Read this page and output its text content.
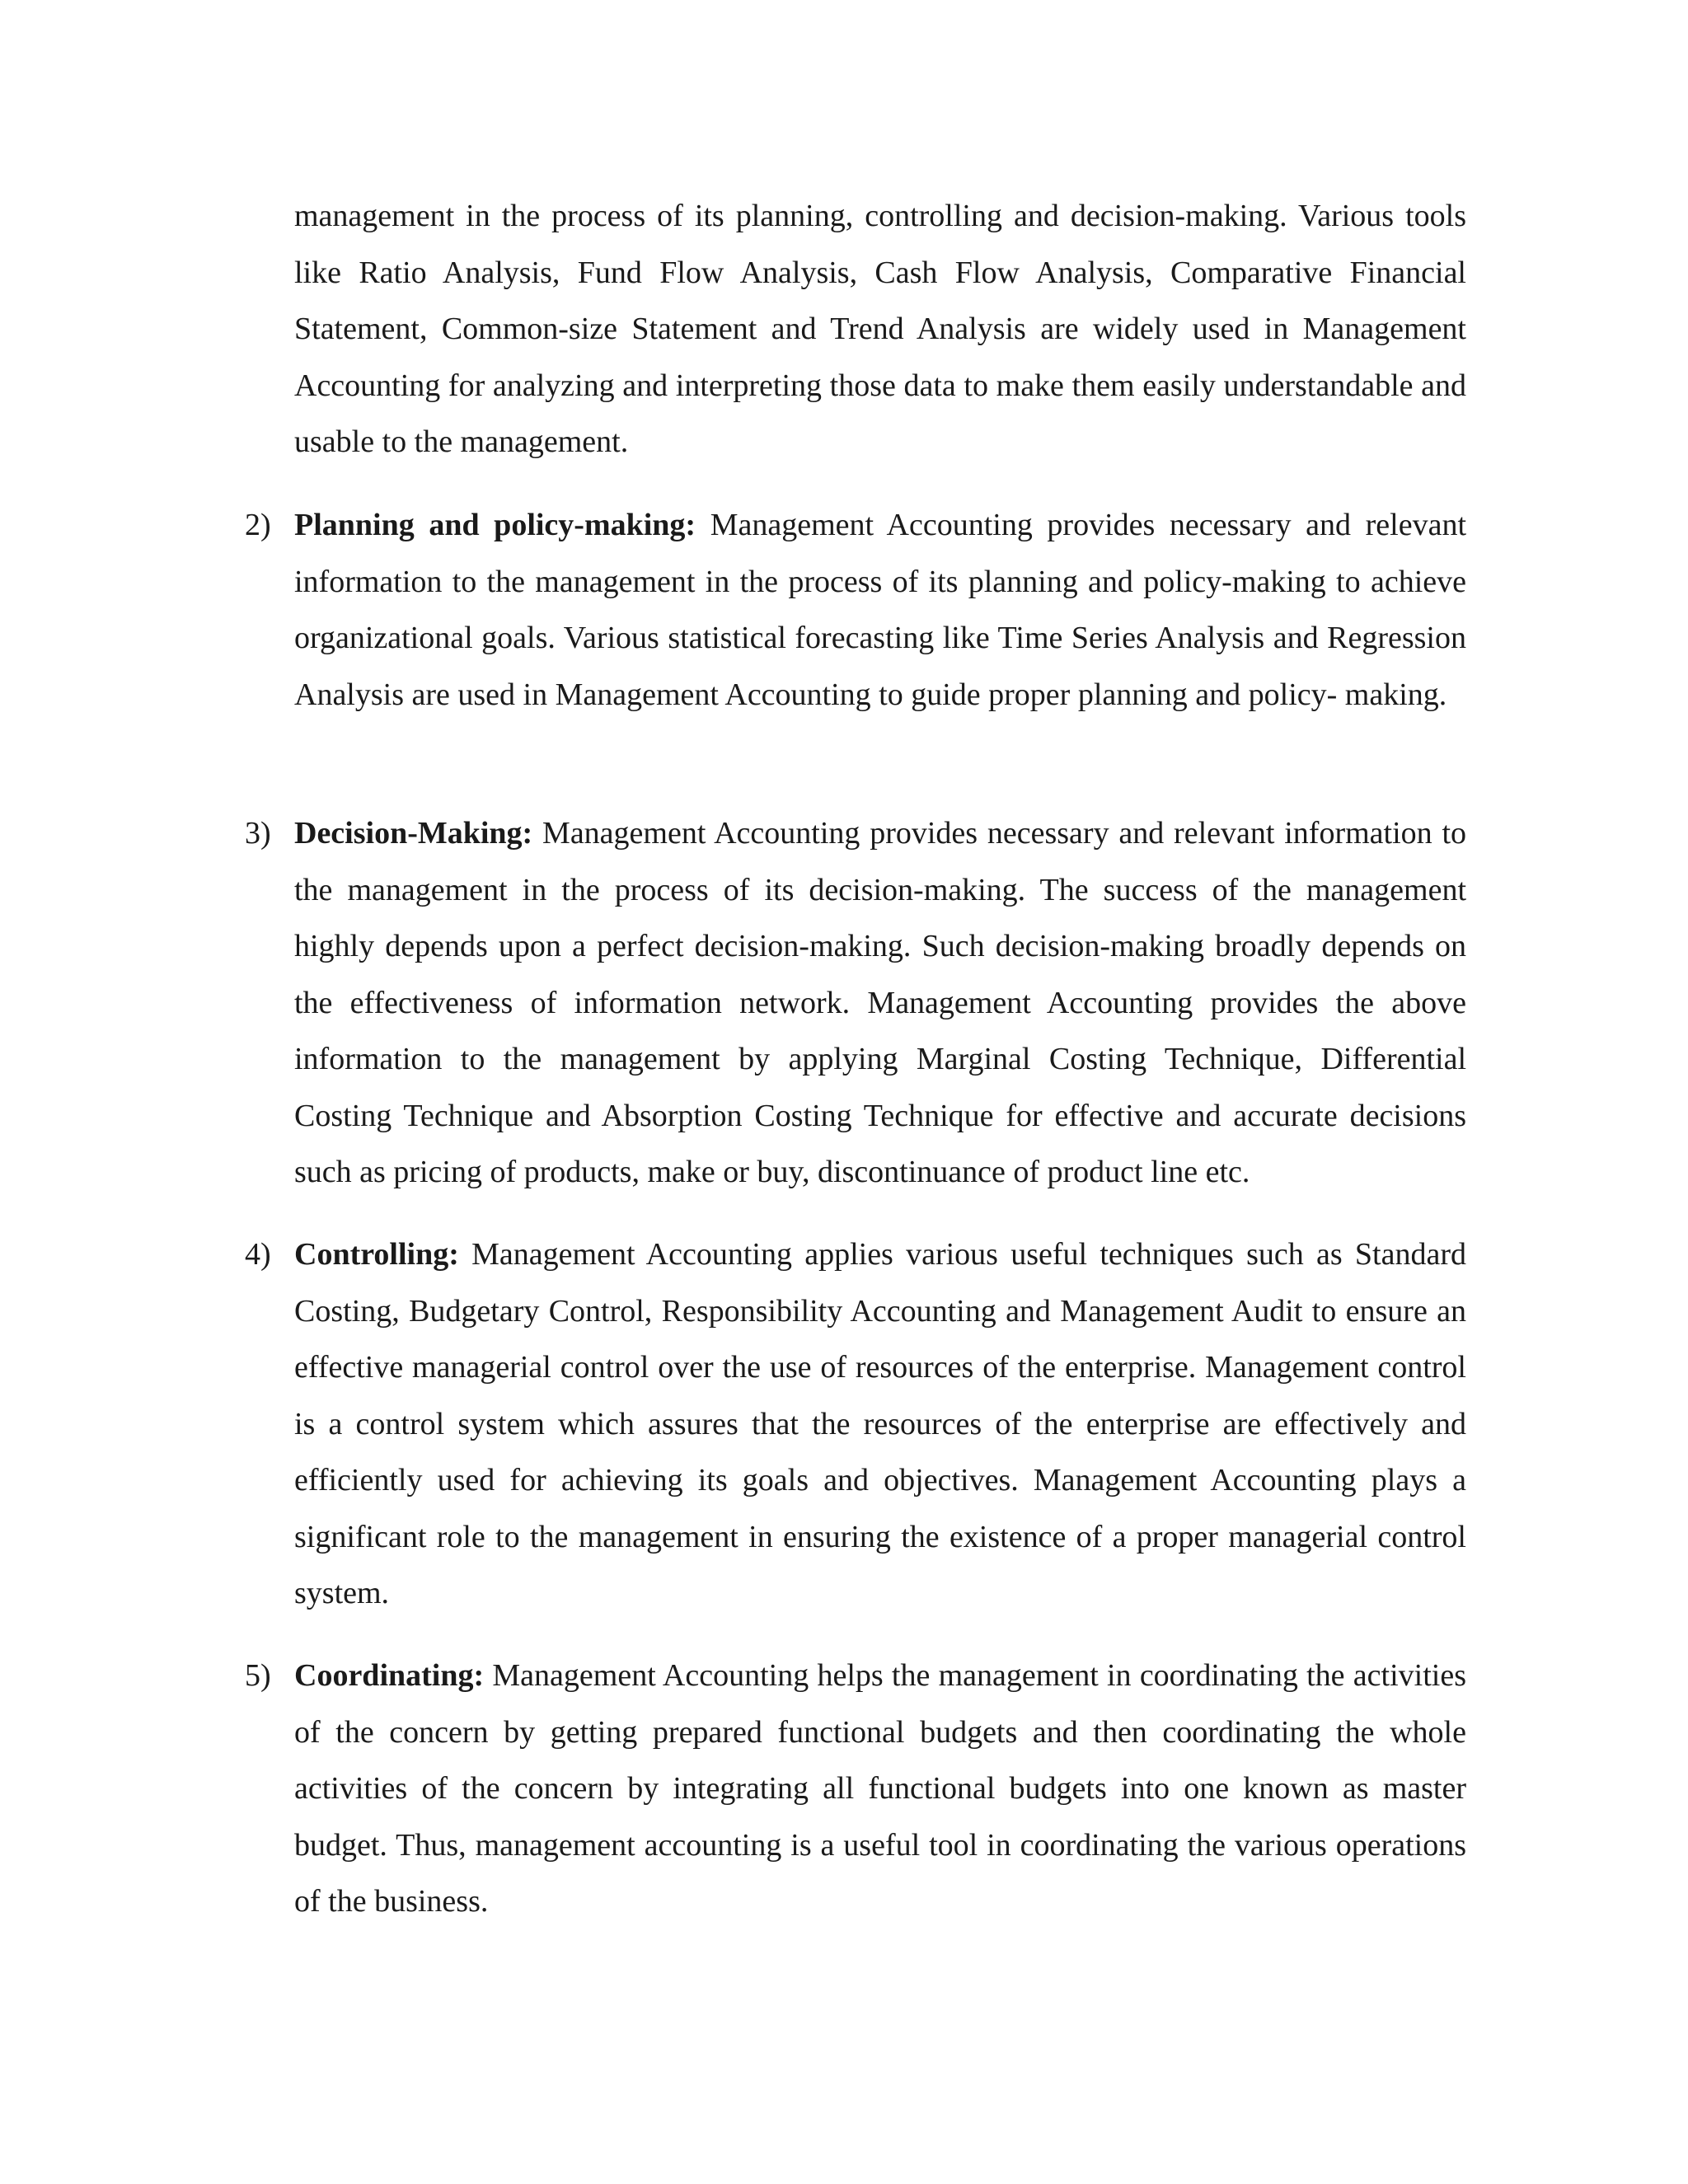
management in the process of its planning, controlling and decision-making. Various tools like Ratio Analysis, Fund Flow Analysis, Cash Flow Analysis, Comparative Financial Statement, Common-size Statement and Trend Analysis are widely used in Management Accounting for analyzing and interpreting those data to make them easily understandable and usable to the management.

2) Planning and policy-making: Management Accounting provides necessary and relevant information to the management in the process of its planning and policy-making to achieve organizational goals. Various statistical forecasting like Time Series Analysis and Regression Analysis are used in Management Accounting to guide proper planning and policy- making.
3) Decision-Making: Management Accounting provides necessary and relevant information to the management in the process of its decision-making. The success of the management highly depends upon a perfect decision-making. Such decision-making broadly depends on the effectiveness of information network. Management Accounting provides the above information to the management by applying Marginal Costing Technique, Differential Costing Technique and Absorption Costing Technique for effective and accurate decisions such as pricing of products, make or buy, discontinuance of product line etc.
4) Controlling: Management Accounting applies various useful techniques such as Standard Costing, Budgetary Control, Responsibility Accounting and Management Audit to ensure an effective managerial control over the use of resources of the enterprise. Management control is a control system which assures that the resources of the enterprise are effectively and efficiently used for achieving its goals and objectives. Management Accounting plays a significant role to the management in ensuring the existence of a proper managerial control system.
5) Coordinating: Management Accounting helps the management in coordinating the activities of the concern by getting prepared functional budgets and then coordinating the whole activities of the concern by integrating all functional budgets into one known as master budget. Thus, management accounting is a useful tool in coordinating the various operations of the business.
